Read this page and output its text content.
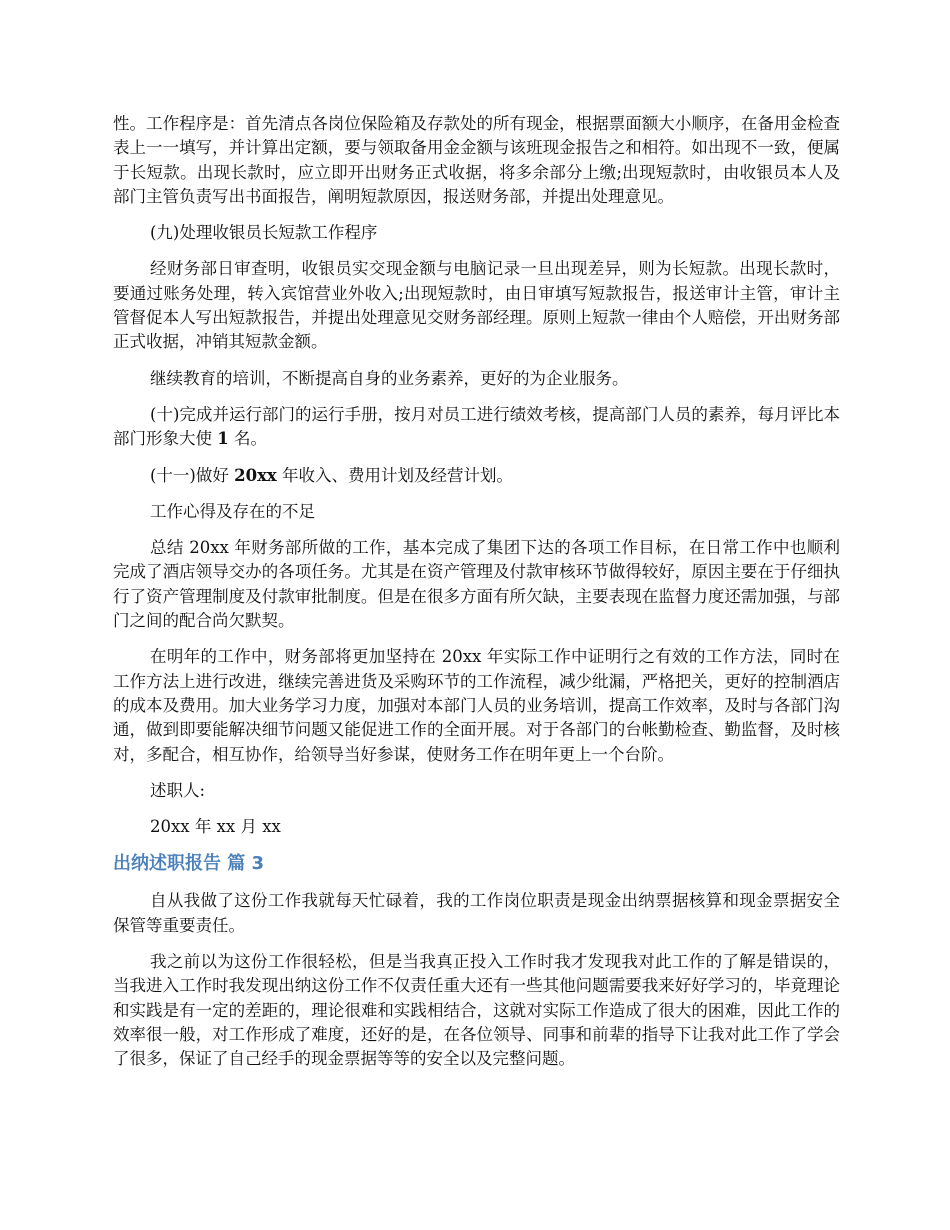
性。工作程序是：首先清点各岗位保险箱及存款处的所有现金，根据票面额大小顺序，在备用金检查表上一一填写，并计算出定额，要与领取备用金金额与该班现金报告之和相符。如出现不一致，便属于长短款。出现长款时，应立即开出财务正式收据，将多余部分上缴;出现短款时，由收银员本人及部门主管负责写出书面报告，阐明短款原因，报送财务部，并提出处理意见。

(九)处理收银员长短款工作程序

经财务部日审查明，收银员实交现金额与电脑记录一旦出现差异，则为长短款。出现长款时，要通过账务处理，转入宾馆营业外收入;出现短款时，由日审填写短款报告，报送审计主管，审计主管督促本人写出短款报告，并提出处理意见交财务部经理。原则上短款一律由个人赔偿，开出财务部正式收据，冲销其短款金额。

继续教育的培训，不断提高自身的业务素养，更好的为企业服务。

(十)完成并运行部门的运行手册，按月对员工进行绩效考核，提高部门人员的素养，每月评比本部门形象大使 1 名。

(十一)做好 20xx 年收入、费用计划及经营计划。

工作心得及存在的不足

总结 20xx 年财务部所做的工作，基本完成了集团下达的各项工作目标，在日常工作中也顺利完成了酒店领导交办的各项任务。尤其是在资产管理及付款审核环节做得较好，原因主要在于仔细执行了资产管理制度及付款审批制度。但是在很多方面有所欠缺，主要表现在监督力度还需加强，与部门之间的配合尚欠默契。

在明年的工作中，财务部将更加坚持在 20xx 年实际工作中证明行之有效的工作方法，同时在工作方法上进行改进，继续完善进货及采购环节的工作流程，减少纰漏，严格把关，更好的控制酒店的成本及费用。加大业务学习力度，加强对本部门人员的业务培训，提高工作效率，及时与各部门沟通，做到即要能解决细节问题又能促进工作的全面开展。对于各部门的台帐勤检查、勤监督，及时核对，多配合，相互协作，给领导当好参谋，使财务工作在明年更上一个台阶。

述职人:

20xx 年 xx 月 xx

出纳述职报告 篇 3

自从我做了这份工作我就每天忙碌着，我的工作岗位职责是现金出纳票据核算和现金票据安全保管等重要责任。

我之前以为这份工作很轻松，但是当我真正投入工作时我才发现我对此工作的了解是错误的，当我进入工作时我发现出纳这份工作不仅责任重大还有一些其他问题需要我来好好学习的，毕竟理论和实践是有一定的差距的，理论很难和实践相结合，这就对实际工作造成了很大的困难，因此工作的效率很一般，对工作形成了难度，还好的是，在各位领导、同事和前辈的指导下让我对此工作了学会了很多，保证了自己经手的现金票据等等的安全以及完整问题。
